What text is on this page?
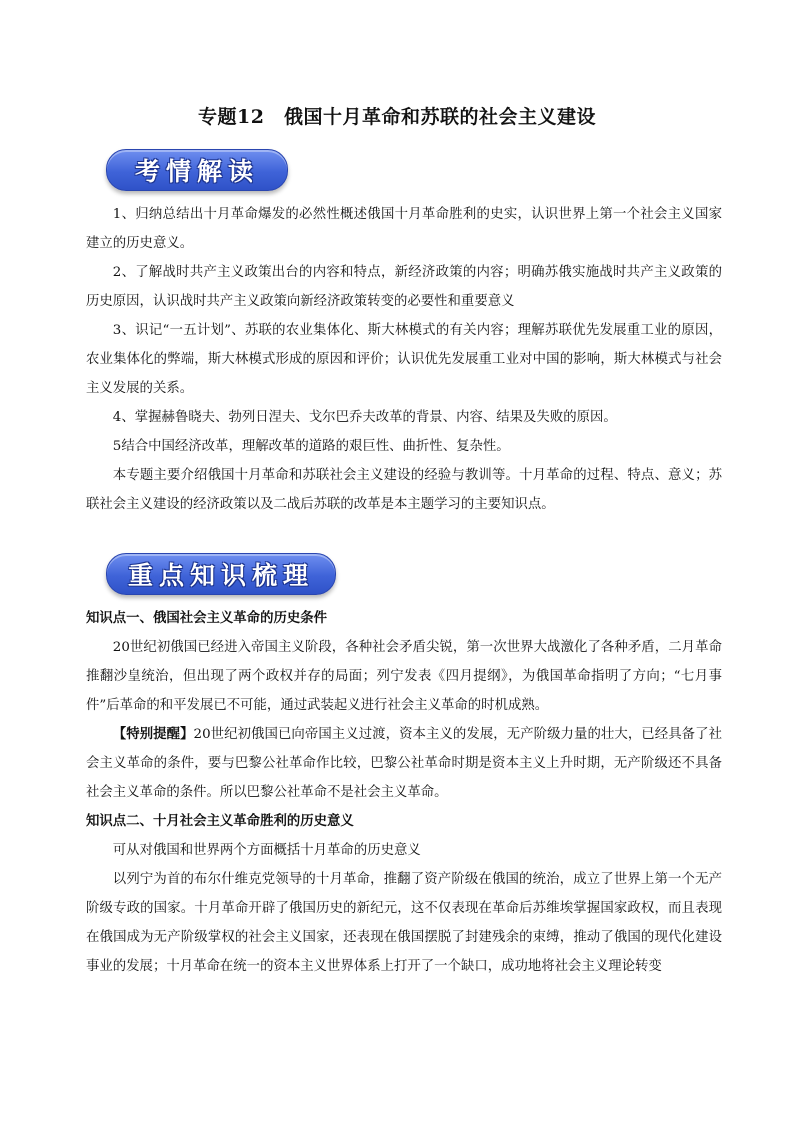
专题12　俄国十月革命和苏联的社会主义建设
考情解读

1、归纳总结出十月革命爆发的必然性概述俄国十月革命胜利的史实，认识世界上第一个社会主义国家建立的历史意义。

2、了解战时共产主义政策出台的内容和特点，新经济政策的内容；明确苏俄实施战时共产主义政策的历史原因，认识战时共产主义政策向新经济政策转变的必要性和重要意义

3、识记“一五计划”、苏联的农业集体化、斯大林模式的有关内容；理解苏联优先发展重工业的原因，农业集体化的弊端，斯大林模式形成的原因和评价；认识优先发展重工业对中国的影响，斯大林模式与社会主义发展的关系。

4、掌握赫鲁晓夫、勃列日涅夫、戈尔巴乔夫改革的背景、内容、结果及失败的原因。

5结合中国经济改革，理解改革的道路的艰巨性、曲折性、复杂性。

本专题主要介绍俄国十月革命和苏联社会主义建设的经验与教训等。十月革命的过程、特点、意义；苏联社会主义建设的经济政策以及二战后苏联的改革是本主题学习的主要知识点。

重点知识梳理

知识点一、俄国社会主义革命的历史条件

20世纪初俄国已经进入帝国主义阶段，各种社会矛盾尖锐，第一次世界大战激化了各种矛盾，二月革命推翻沙皇统治，但出现了两个政权并存的局面；列宁发表《四月提纲》，为俄国革命指明了方向；“七月事件”后革命的和平发展已不可能，通过武装起义进行社会主义革命的时机成熟。

【特别提醒】20世纪初俄国已向帝国主义过渡，资本主义的发展，无产阶级力量的壮大，已经具备了社会主义革命的条件，要与巴黎公社革命作比较，巴黎公社革命时期是资本主义上升时期，无产阶级还不具备社会主义革命的条件。所以巴黎公社革命不是社会主义革命。

知识点二、十月社会主义革命胜利的历史意义

可从对俄国和世界两个方面概括十月革命的历史意义

以列宁为首的布尔什维克党领导的十月革命，推翻了资产阶级在俄国的统治，成立了世界上第一个无产阶级专政的国家。十月革命开辟了俄国历史的新纪元，这不仅表现在革命后苏维埃掌握国家政权，而且表现在俄国成为无产阶级掌权的社会主义国家，还表现在俄国摆脱了封建残余的束缚，推动了俄国的现代化建设事业的发展；十月革命在统一的资本主义世界体系上打开了一个缺口，成功地将社会主义理论转变
